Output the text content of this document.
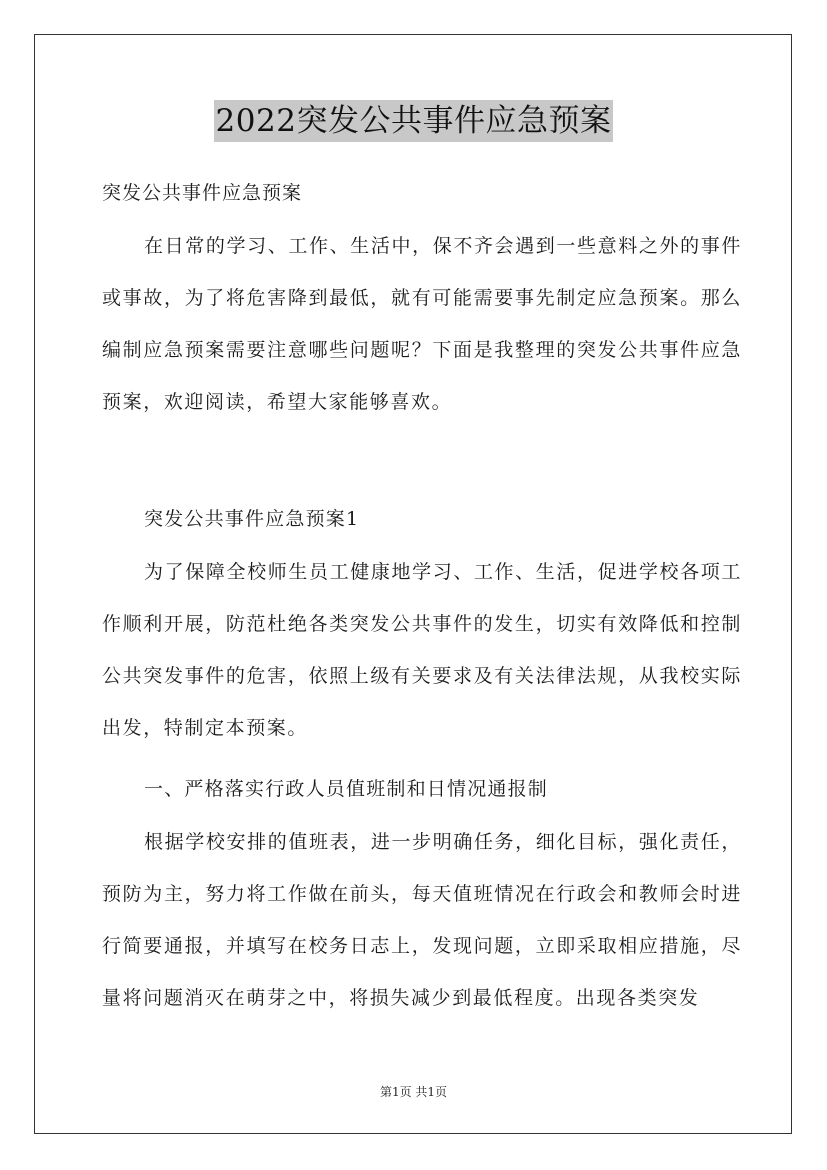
2022突发公共事件应急预案
突发公共事件应急预案

在日常的学习、工作、生活中，保不齐会遇到一些意料之外的事件或事故，为了将危害降到最低，就有可能需要事先制定应急预案。那么编制应急预案需要注意哪些问题呢？下面是我整理的突发公共事件应急预案，欢迎阅读，希望大家能够喜欢。

突发公共事件应急预案1

为了保障全校师生员工健康地学习、工作、生活，促进学校各项工作顺利开展，防范杜绝各类突发公共事件的发生，切实有效降低和控制公共突发事件的危害，依照上级有关要求及有关法律法规，从我校实际出发，特制定本预案。

一、严格落实行政人员值班制和日情况通报制

根据学校安排的值班表，进一步明确任务，细化目标，强化责任，预防为主，努力将工作做在前头，每天值班情况在行政会和教师会时进行简要通报，并填写在校务日志上，发现问题，立即采取相应措施，尽量将问题消灭在萌芽之中，将损失减少到最低程度。出现各类突发

第1页 共1页
